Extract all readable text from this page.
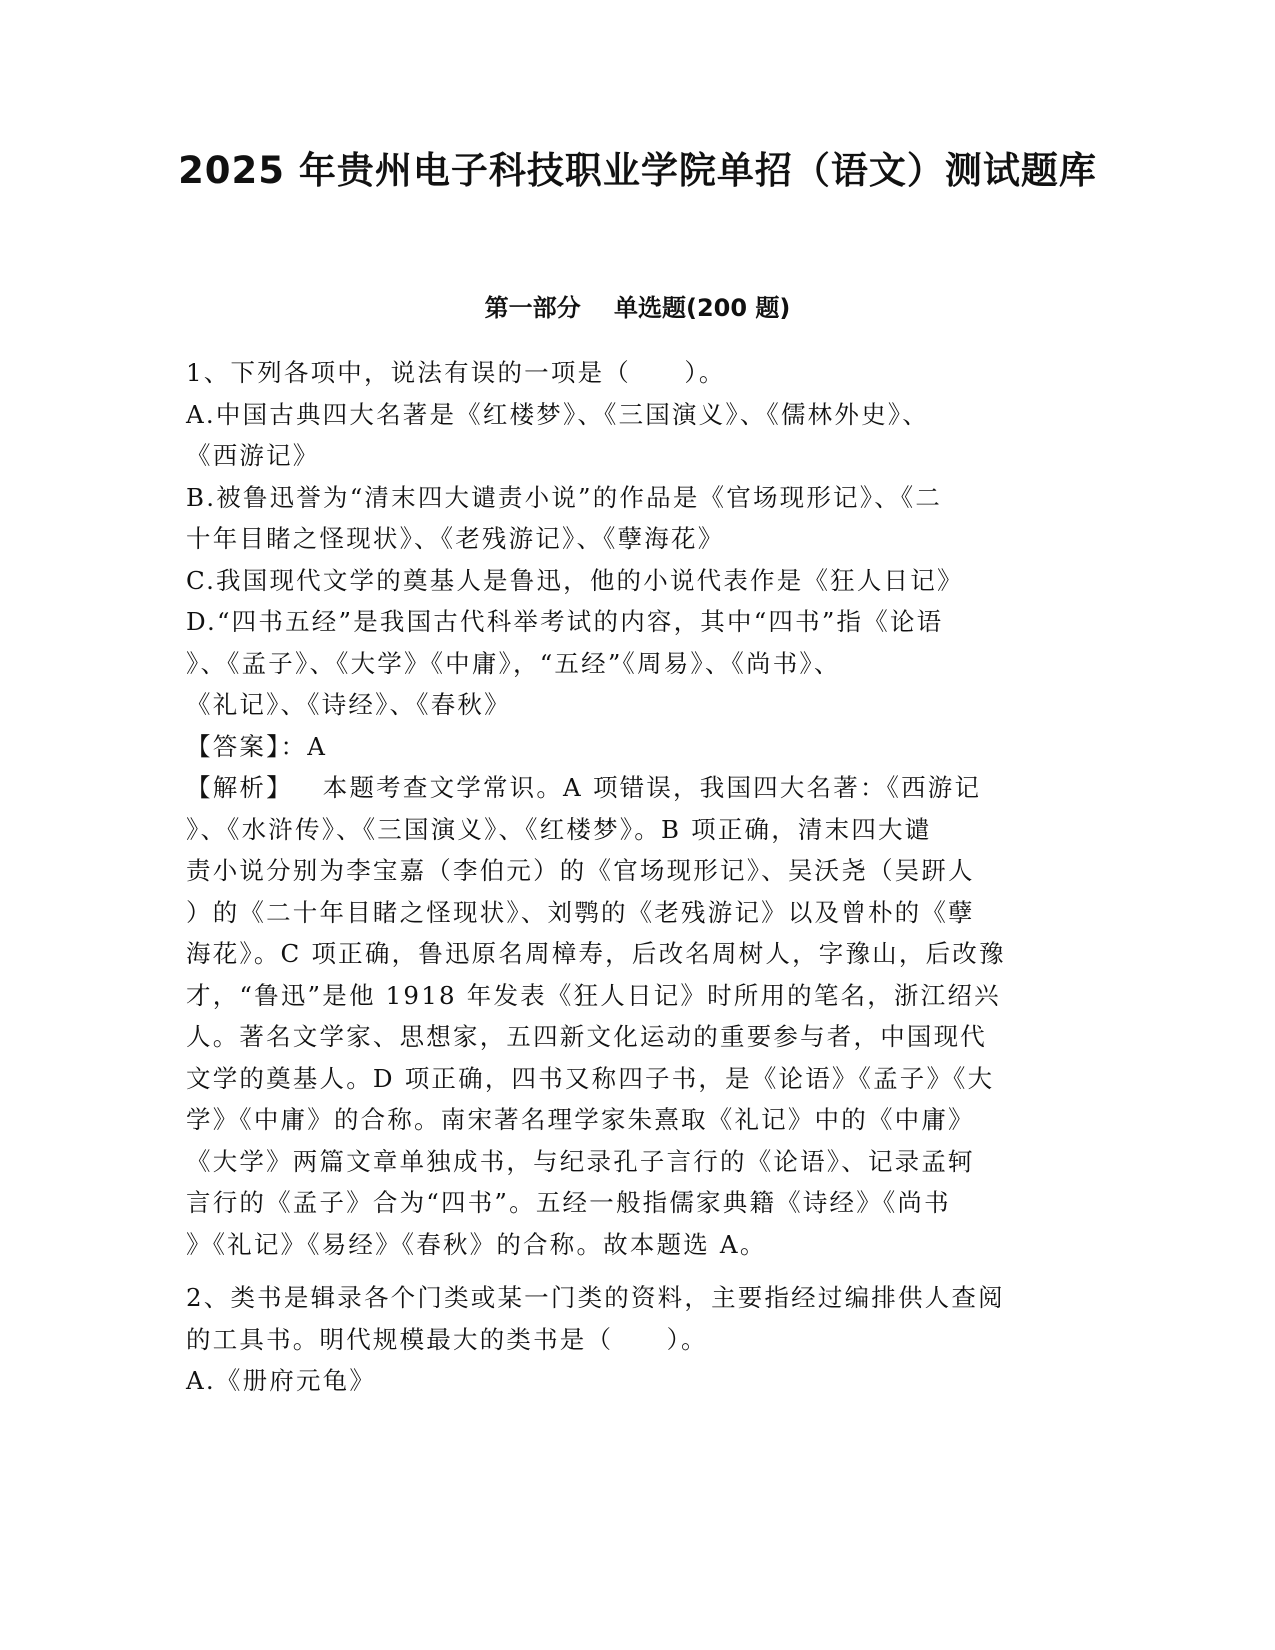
2025 年贵州电子科技职业学院单招（语文）测试题库
第一部分    单选题(200 题)
1、下列各项中，说法有误的一项是（　　）。
A.中国古典四大名著是《红楼梦》、《三国演义》、《儒林外史》、
《西游记》
B.被鲁迅誉为“清末四大谴责小说”的作品是《官场现形记》、《二
十年目睹之怪现状》、《老残游记》、《孽海花》
C.我国现代文学的奠基人是鲁迅，他的小说代表作是《狂人日记》
D.“四书五经”是我国古代科举考试的内容，其中“四书”指《论语
》、《孟子》、《大学》《中庸》，“五经”《周易》、《尚书》、
《礼记》、《诗经》、《春秋》
【答案】：A
【解析】   本题考查文学常识。A 项错误，我国四大名著：《西游记
》、《水浒传》、《三国演义》、《红楼梦》。B 项正确，清末四大谴
责小说分别为李宝嘉（李伯元）的《官场现形记》、吴沃尧（吴趼人
）的《二十年目睹之怪现状》、刘鹗的《老残游记》以及曾朴的《孽
海花》。C 项正确，鲁迅原名周樟寿，后改名周树人，字豫山，后改豫
才，“鲁迅”是他 1918 年发表《狂人日记》时所用的笔名，浙江绍兴
人。著名文学家、思想家，五四新文化运动的重要参与者，中国现代
文学的奠基人。D 项正确，四书又称四子书，是《论语》《孟子》《大
学》《中庸》的合称。南宋著名理学家朱熹取《礼记》中的《中庸》
《大学》两篇文章单独成书，与纪录孔子言行的《论语》、记录孟轲
言行的《孟子》合为“四书”。五经一般指儒家典籍《诗经》《尚书
》《礼记》《易经》《春秋》的合称。故本题选 A。
2、类书是辑录各个门类或某一门类的资料，主要指经过编排供人查阅
的工具书。明代规模最大的类书是（　　）。
A.《册府元龟》
